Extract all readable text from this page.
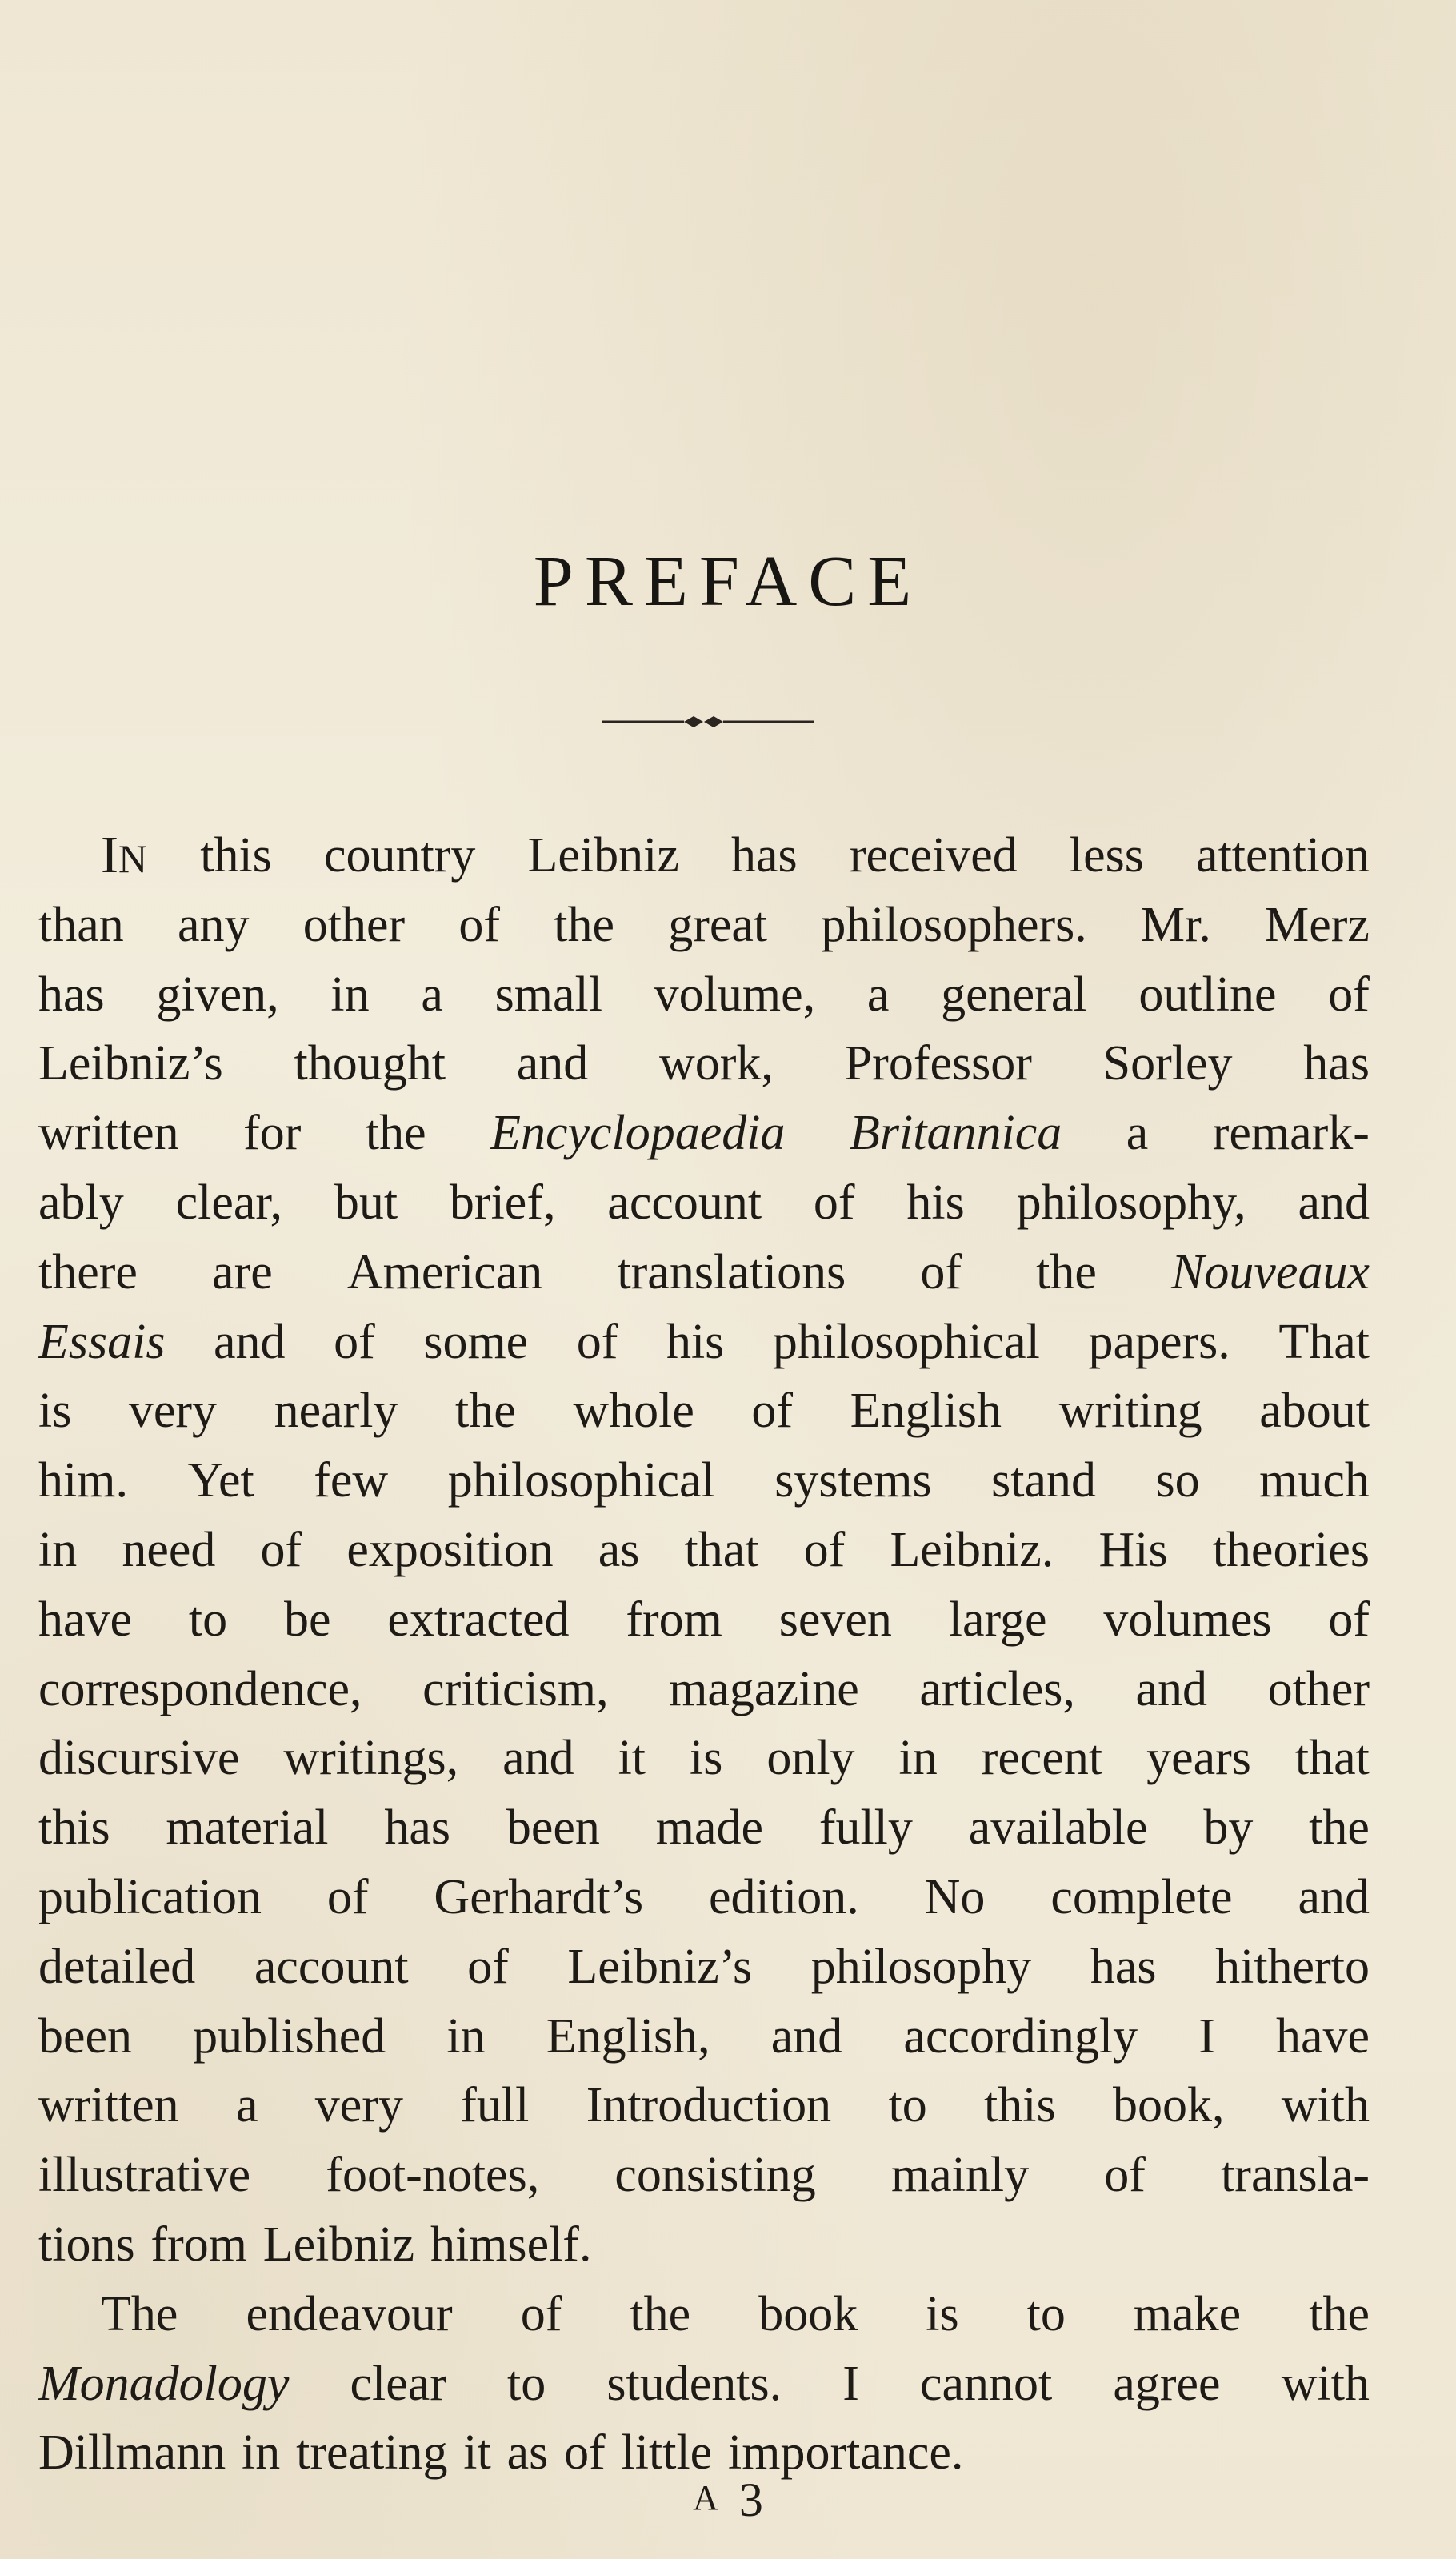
PREFACE
IN this country Leibniz has received less attention
than any other of the great philosophers. Mr. Merz
has given, in a small volume, a general outline of
Leibniz’s thought and work, Professor Sorley has
written for the Encyclopaedia Britannica a remark-
ably clear, but brief, account of his philosophy, and
there are American translations of the Nouveaux
Essais and of some of his philosophical papers. That
is very nearly the whole of English writing about
him. Yet few philosophical systems stand so much
in need of exposition as that of Leibniz. His theories
have to be extracted from seven large volumes of
correspondence, criticism, magazine articles, and other
discursive writings, and it is only in recent years that
this material has been made fully available by the
publication of Gerhardt’s edition. No complete and
detailed account of Leibniz’s philosophy has hitherto
been published in English, and accordingly I have
written a very full Introduction to this book, with
illustrative foot-notes, consisting mainly of transla-
tions from Leibniz himself.
The endeavour of the book is to make the
Monadology clear to students. I cannot agree with
Dillmann in treating it as of little importance.
A 3
